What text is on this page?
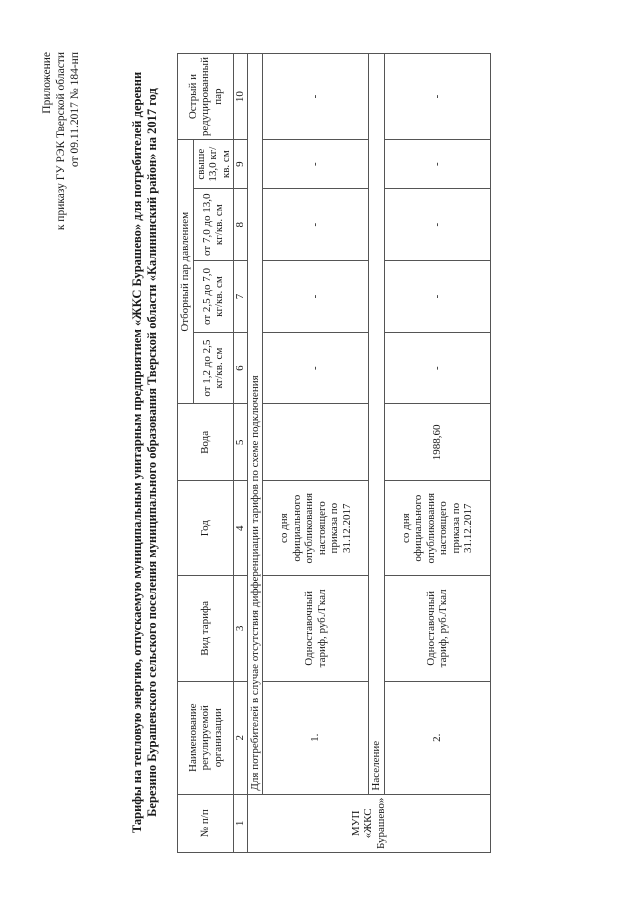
Приложение к приказу ГУ РЭК Тверской области от 09.11.2017 № 184-нп	Тарифы на тепловую энергию, отпускаемую муниципальным унитарным предприятием «ЖКС Бурашево» для потребителей деревни Березино Бурашевского сельского поселения муниципального образования Тверской области «Калининский район» на 2017 год
№ п/п	Наименование регулируемой организации	Вид тарифа	Год	Вода	Отборный пар давлением				Острый и редуцированный пар
					от 1,2 до 2,5 кг/кв. см	от 2,5 до 7,0 кг/кв. см	от 7,0 до 13,0 кг/кв. см	свыше 13,0 кг/кв. см	
1	2	3	4	5	6	7	8	9	10
МУП «ЖКС Бурашево»	Для потребителей в случае отсутствия дифференциации тарифов по схеме подключения								
	1.	Одноставочный тариф, руб./Гкал	со дня официального опубликования настоящего приказа по 31.12.2017		-	-	-	-	-
	Население								
	2.	Одноставочный тариф, руб./Гкал	со дня официального опубликования настоящего приказа по 31.12.2017	1988,60	-	-	-	-	-
